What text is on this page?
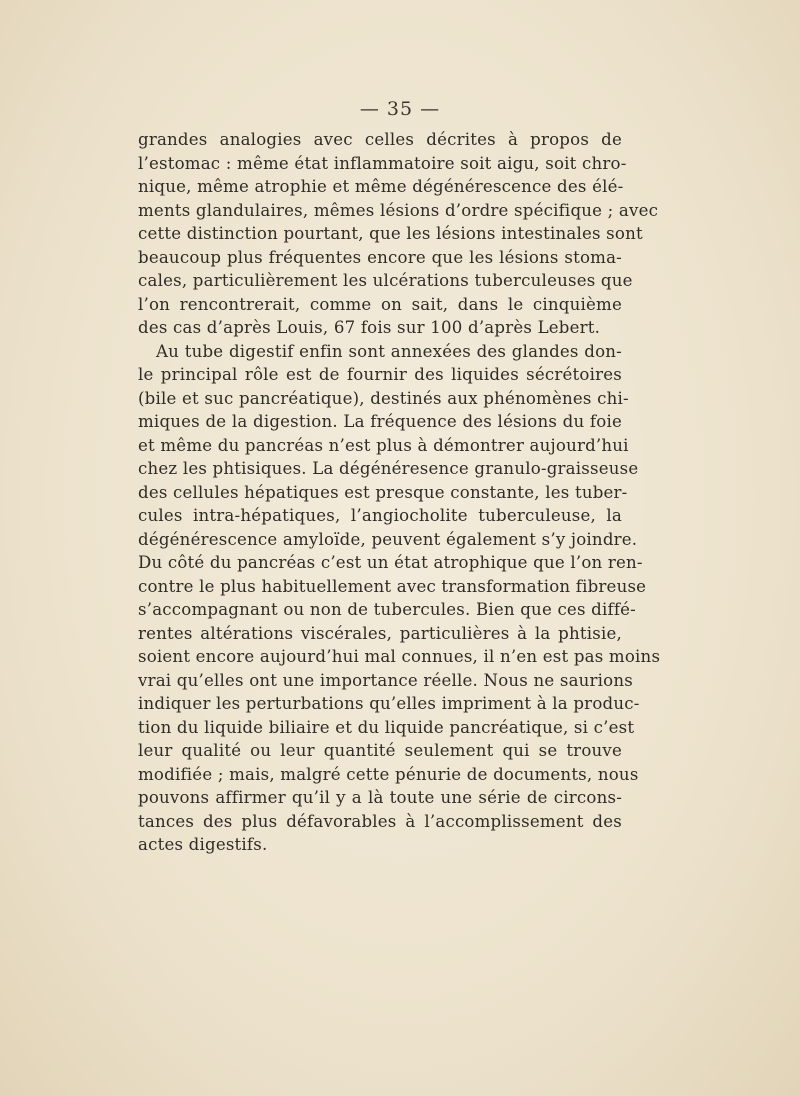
— 35 —
grandes analogies avec celles décrites à propos de
l’estomac : même état inflammatoire soit aigu, soit chro-
nique, même atrophie et même dégénérescence des élé-
ments glandulaires, mêmes lésions d’ordre spécifique ; avec
cette distinction pourtant, que les lésions intestinales sont
beaucoup plus fréquentes encore que les lésions stoma-
cales, particulièrement les ulcérations tuberculeuses que
l’on rencontrerait, comme on sait, dans le cinquième
des cas d’après Louis, 67 fois sur 100 d’après Lebert.
Au tube digestif enfin sont annexées des glandes don-
le principal rôle est de fournir des liquides sécrétoires
(bile et suc pancréatique), destinés aux phénomènes chi-
miques de la digestion. La fréquence des lésions du foie
et même du pancréas n’est plus à démontrer aujourd’hui
chez les phtisiques. La dégénéresence granulo-graisseuse
des cellules hépatiques est presque constante, les tuber-
cules intra-hépatiques, l’angiocholite tuberculeuse, la
dégénérescence amyloïde, peuvent également s’y joindre.
Du côté du pancréas c’est un état atrophique que l’on ren-
contre le plus habituellement avec transformation fibreuse
s’accompagnant ou non de tubercules. Bien que ces diffé-
rentes altérations viscérales, particulières à la phtisie,
soient encore aujourd’hui mal connues, il n’en est pas moins
vrai qu’elles ont une importance réelle. Nous ne saurions
indiquer les perturbations qu’elles impriment à la produc-
tion du liquide biliaire et du liquide pancréatique, si c’est
leur qualité ou leur quantité seulement qui se trouve
modifiée ; mais, malgré cette pénurie de documents, nous
pouvons affirmer qu’il y a là toute une série de circons-
tances des plus défavorables à l’accomplissement des
actes digestifs.
